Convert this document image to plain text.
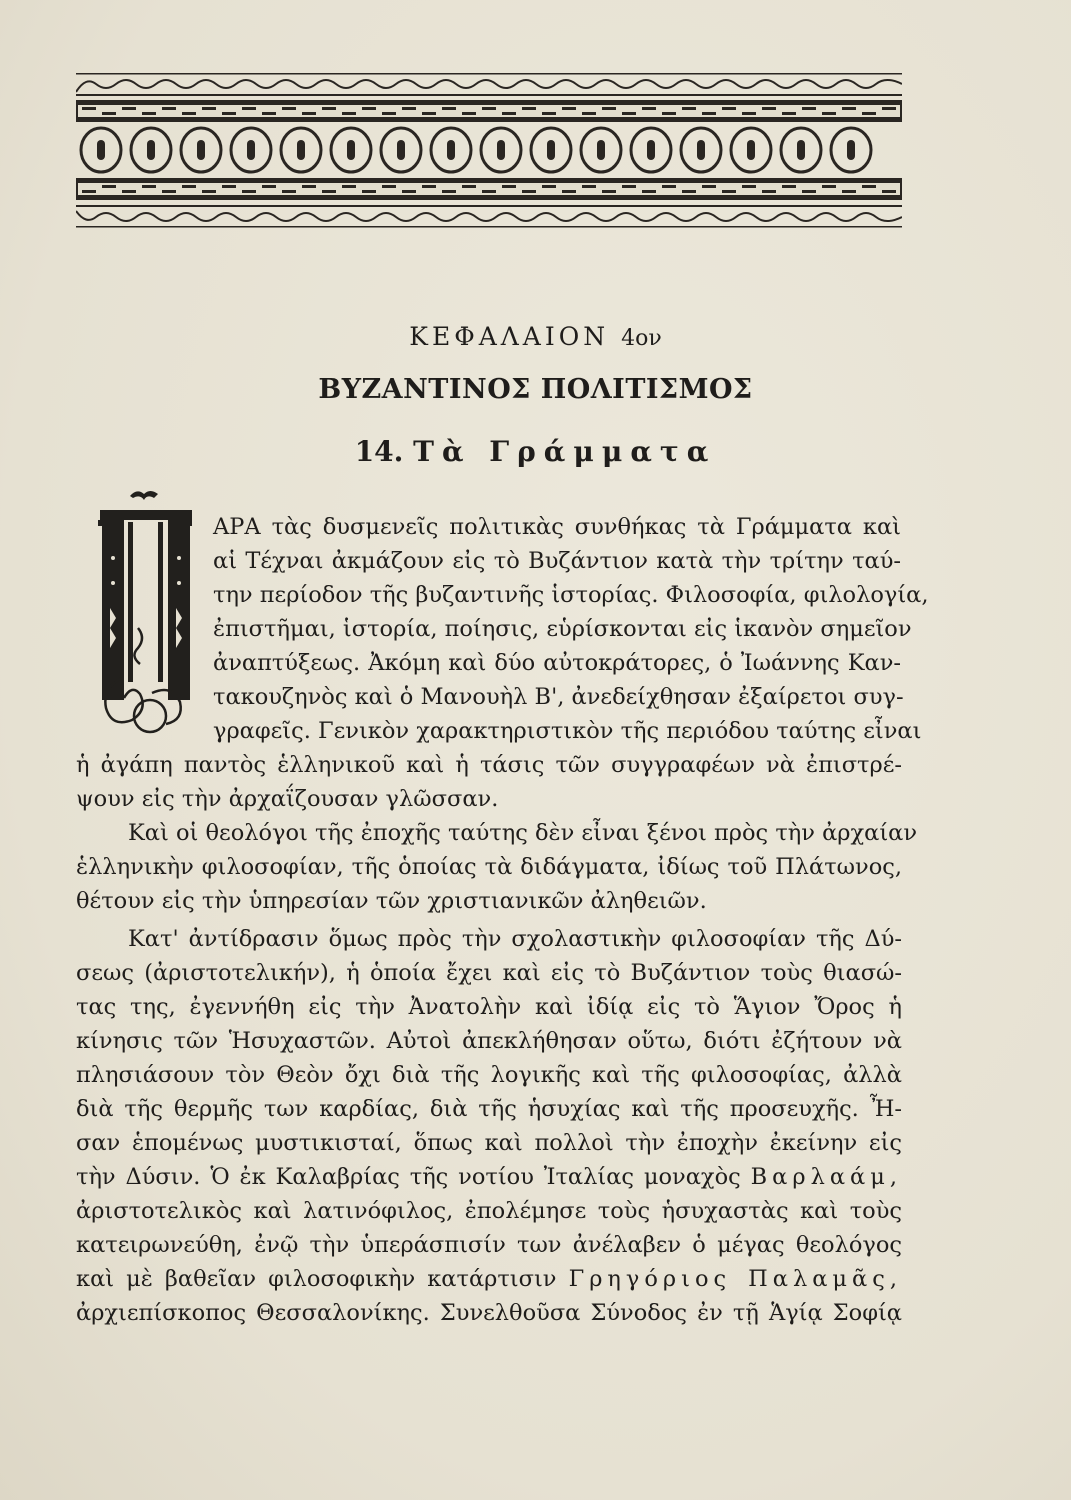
ΚΕΦΑΛΑΙΟΝ 4ον
ΒΥΖΑΝΤΙΝΟΣ ΠΟΛΙΤΙΣΜΟΣ
14. Τὰ Γράμματα
ΑΡΑ τὰς δυσμενεῖς πολιτικὰς συνθήκας τὰ Γράμματα καὶ
αἱ Τέχναι ἀκμάζουν εἰς τὸ Βυζάντιον κατὰ τὴν τρίτην ταύ-
την περίοδον τῆς βυζαντινῆς ἱστορίας. Φιλοσοφία, φιλολογία,
ἐπιστῆμαι, ἱστορία, ποίησις, εὑρίσκονται εἰς ἱκανὸν σημεῖον
ἀναπτύξεως. Ἀκόμη καὶ δύο αὐτοκράτορες, ὁ Ἰωάννης Καν-
τακουζηνὸς καὶ ὁ Μανουὴλ Β', ἀνεδείχθησαν ἐξαίρετοι συγ-
γραφεῖς. Γενικὸν χαρακτηριστικὸν τῆς περιόδου ταύτης εἶναι
ἡ ἀγάπη παντὸς ἑλληνικοῦ καὶ ἡ τάσις τῶν συγγραφέων νὰ ἐπιστρέ-
ψουν εἰς τὴν ἀρχαΐζουσαν γλῶσσαν.
Καὶ οἱ θεολόγοι τῆς ἐποχῆς ταύτης δὲν εἶναι ξένοι πρὸς τὴν ἀρχαίαν
ἑλληνικὴν φιλοσοφίαν, τῆς ὁποίας τὰ διδάγματα, ἰδίως τοῦ Πλάτωνος,
θέτουν εἰς τὴν ὑπηρεσίαν τῶν χριστιανικῶν ἀληθειῶν.
Κατ' ἀντίδρασιν ὅμως πρὸς τὴν σχολαστικὴν φιλοσοφίαν τῆς Δύ-
σεως (ἀριστοτελικήν), ἡ ὁποία ἔχει καὶ εἰς τὸ Βυζάντιον τοὺς θιασώ-
τας της, ἐγεννήθη εἰς τὴν Ἀνατολὴν καὶ ἰδίᾳ εἰς τὸ Ἅγιον Ὄρος ἡ
κίνησις τῶν Ἡσυχαστῶν. Αὐτοὶ ἀπεκλήθησαν οὕτω, διότι ἐζήτουν νὰ
πλησιάσουν τὸν Θεὸν ὄχι διὰ τῆς λογικῆς καὶ τῆς φιλοσοφίας, ἀλλὰ
διὰ τῆς θερμῆς των καρδίας, διὰ τῆς ἡσυχίας καὶ τῆς προσευχῆς. Ἦ-
σαν ἑπομένως μυστικισταί, ὅπως καὶ πολλοὶ τὴν ἐποχὴν ἐκείνην εἰς
τὴν Δύσιν. Ὁ ἐκ Καλαβρίας τῆς νοτίου Ἰταλίας μοναχὸς Βαρλαάμ,
ἀριστοτελικὸς καὶ λατινόφιλος, ἐπολέμησε τοὺς ἡσυχαστὰς καὶ τοὺς
κατειρωνεύθη, ἐνῷ τὴν ὑπεράσπισίν των ἀνέλαβεν ὁ μέγας θεολόγος
καὶ μὲ βαθεῖαν φιλοσοφικὴν κατάρτισιν Γρηγόριος Παλαμᾶς,
ἀρχιεπίσκοπος Θεσσαλονίκης. Συνελθοῦσα Σύνοδος ἐν τῇ Ἁγίᾳ Σοφίᾳ
